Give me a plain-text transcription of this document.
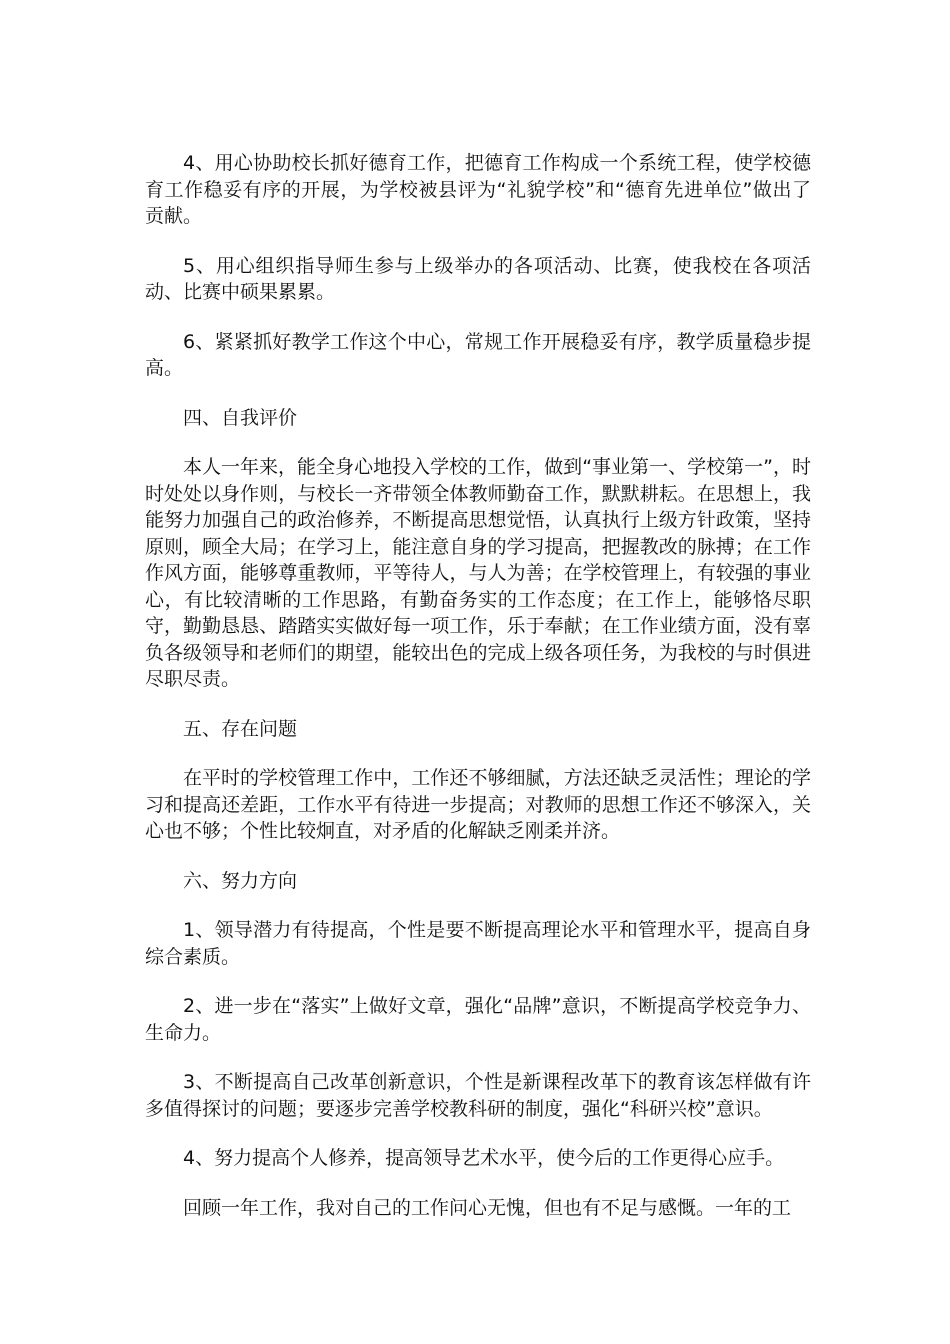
4、用心协助校长抓好德育工作，把德育工作构成一个系统工程，使学校德育工作稳妥有序的开展，为学校被县评为“礼貌学校”和“德育先进单位”做出了贡献。

5、用心组织指导师生参与上级举办的各项活动、比赛，使我校在各项活动、比赛中硕果累累。

6、紧紧抓好教学工作这个中心，常规工作开展稳妥有序，教学质量稳步提高。

四、自我评价

本人一年来，能全身心地投入学校的工作，做到“事业第一、学校第一”，时时处处以身作则，与校长一齐带领全体教师勤奋工作，默默耕耘。在思想上，我能努力加强自己的政治修养，不断提高思想觉悟，认真执行上级方针政策，坚持原则，顾全大局；在学习上，能注意自身的学习提高，把握教改的脉搏；在工作作风方面，能够尊重教师，平等待人，与人为善；在学校管理上，有较强的事业心，有比较清晰的工作思路，有勤奋务实的工作态度；在工作上，能够恪尽职守，勤勤恳恳、踏踏实实做好每一项工作，乐于奉献；在工作业绩方面，没有辜负各级领导和老师们的期望，能较出色的完成上级各项任务，为我校的与时俱进尽职尽责。

五、存在问题

在平时的学校管理工作中，工作还不够细腻，方法还缺乏灵活性；理论的学习和提高还差距，工作水平有待进一步提高；对教师的思想工作还不够深入，关心也不够；个性比较炯直，对矛盾的化解缺乏刚柔并济。

六、努力方向

1、领导潜力有待提高，个性是要不断提高理论水平和管理水平，提高自身综合素质。

2、进一步在“落实”上做好文章，强化“品牌”意识，不断提高学校竞争力、生命力。

3、不断提高自己改革创新意识，个性是新课程改革下的教育该怎样做有许多值得探讨的问题；要逐步完善学校教科研的制度，强化“科研兴校”意识。

4、努力提高个人修养，提高领导艺术水平，使今后的工作更得心应手。

回顾一年工作，我对自己的工作问心无愧，但也有不足与感慨。一年的工
